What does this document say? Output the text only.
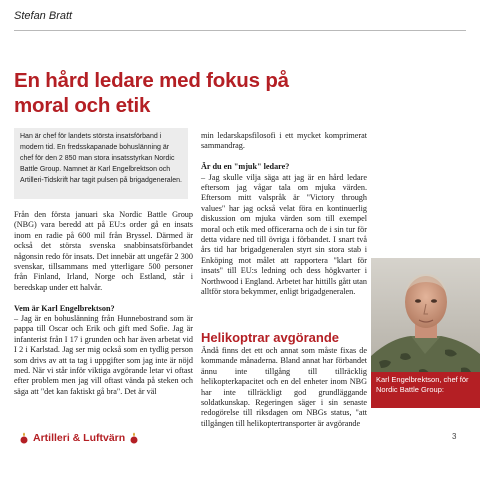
Stefan Bratt
En hård ledare med fokus på moral och etik
Han är chef för landets största insatsförband i modern tid. En fredsskapanade bohuslänning är chef för den 2 850 man stora insatsstyrkan Nordic Battle Group. Namnet är Karl Engelbrektson och Artilleri-Tidskrift har tagit pulsen på brigadgeneralen.

Från den första januari ska Nordic Battle Group (NBG) vara beredd att på EU:s order gå en insats inom en radie på 600 mil från Bryssel. Därmed är också det största svenska snabbinsatsförbandet någonsin redo för insats. Det innebär att ungefär 2 300 svenskar, tillsammans med ytterligare 500 personer från Finland, Irland, Norge och Estland, står i beredskap under ett halvår.

Vem är Karl Engelbrektson?

– Jag är en bohuslänning från Hunnebostrand som är pappa till Oscar och Erik och gift med Sofie. Jag är infanterist från I 17 i grunden och har även arbetat vid I 2 i Karlstad. Jag ser mig också som en tydlig person som drivs av att ta tag i uppgifter som jag inte är nöjd med. När vi står inför viktiga avgörande letar vi oftast efter problem men jag vill oftast vända på steken och säga att "det kan faktiskt gå bra". Det är väl

min ledarskapsfilosofi i ett mycket komprimerat sammandrag.

Är du en "mjuk" ledare?

– Jag skulle vilja säga att jag är en hård ledare eftersom jag vågar tala om mjuka värden. Eftersom mitt valspråk är "Victory through values" har jag också velat föra en kontinuerlig diskussion om mjuka värden som till exempel moral och etik med officerarna och de i sin tur för detta vidare ned till övriga i förbandet. I snart två års tid har brigadgeneralen styrt sin stora stab i Enköping mot målet att rapportera "klart för insats" till EU:s ledning och dess högkvarter i Northwood i England. Arbetet har hittills gått utan alltför stora bekymmer, enligt brigadgeneralen.

Helikoptrar avgörande

Ändå finns det ett och annat som måste fixas de kommande månaderna. Bland annat har förbandet ännu inte tillgång till tillräcklig helikopterkapacitet och en del enheter inom NBG har inte tillräckligt god grundläggande soldatkunskap. Regeringen säger i sin senaste redogörelse till riksdagen om NBGs status, "att tillgången till helikoptertransporter är avgörande

Karl Engelbrektson, chef för Nordic Battle Group:
Artilleri & Luftvärn	3
